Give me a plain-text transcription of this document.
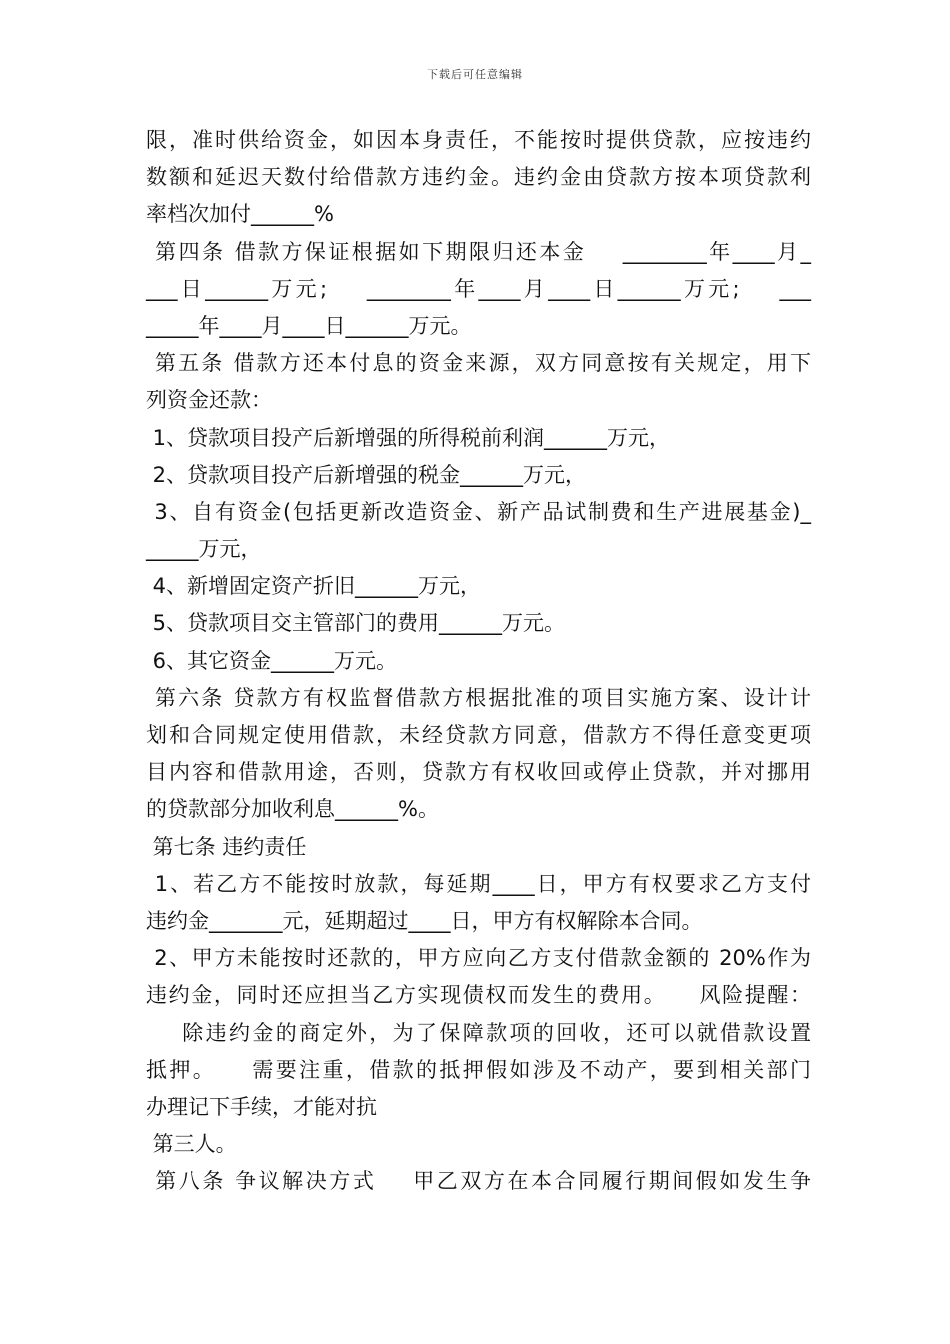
下载后可任意编辑
限，准时供给资金，如因本身责任，不能按时提供贷款，应按违约
数额和延迟天数付给借款方违约金。违约金由贷款方按本项贷款利
率档次加付______%
第四条 借款方保证根据如下期限归还本金    ________年____月_
___日______万元;    ________年____月____日______万元;    ___
_____年____月____日______万元。
第五条 借款方还本付息的资金来源，双方同意按有关规定，用下
列资金还款：
1、贷款项目投产后新增强的所得税前利润______万元，
2、贷款项目投产后新增强的税金______万元，
3、自有资金(包括更新改造资金、新产品试制费和生产进展基金)_
_____万元，
4、新增固定资产折旧______万元，
5、贷款项目交主管部门的费用______万元。
6、其它资金______万元。
第六条 贷款方有权监督借款方根据批准的项目实施方案、设计计
划和合同规定使用借款，未经贷款方同意，借款方不得任意变更项
目内容和借款用途，否则，贷款方有权收回或停止贷款，并对挪用
的贷款部分加收利息______%。
第七条 违约责任
1、若乙方不能按时放款，每延期____日，甲方有权要求乙方支付
违约金_______元，延期超过____日，甲方有权解除本合同。
2、甲方未能按时还款的，甲方应向乙方支付借款金额的 20%作为
违约金，同时还应担当乙方实现债权而发生的费用。    风险提醒：
除违约金的商定外，为了保障款项的回收，还可以就借款设置
抵押。    需要注重，借款的抵押假如涉及不动产，要到相关部门
办理记下手续，才能对抗
第三人。
第八条 争议解决方式    甲乙双方在本合同履行期间假如发生争
